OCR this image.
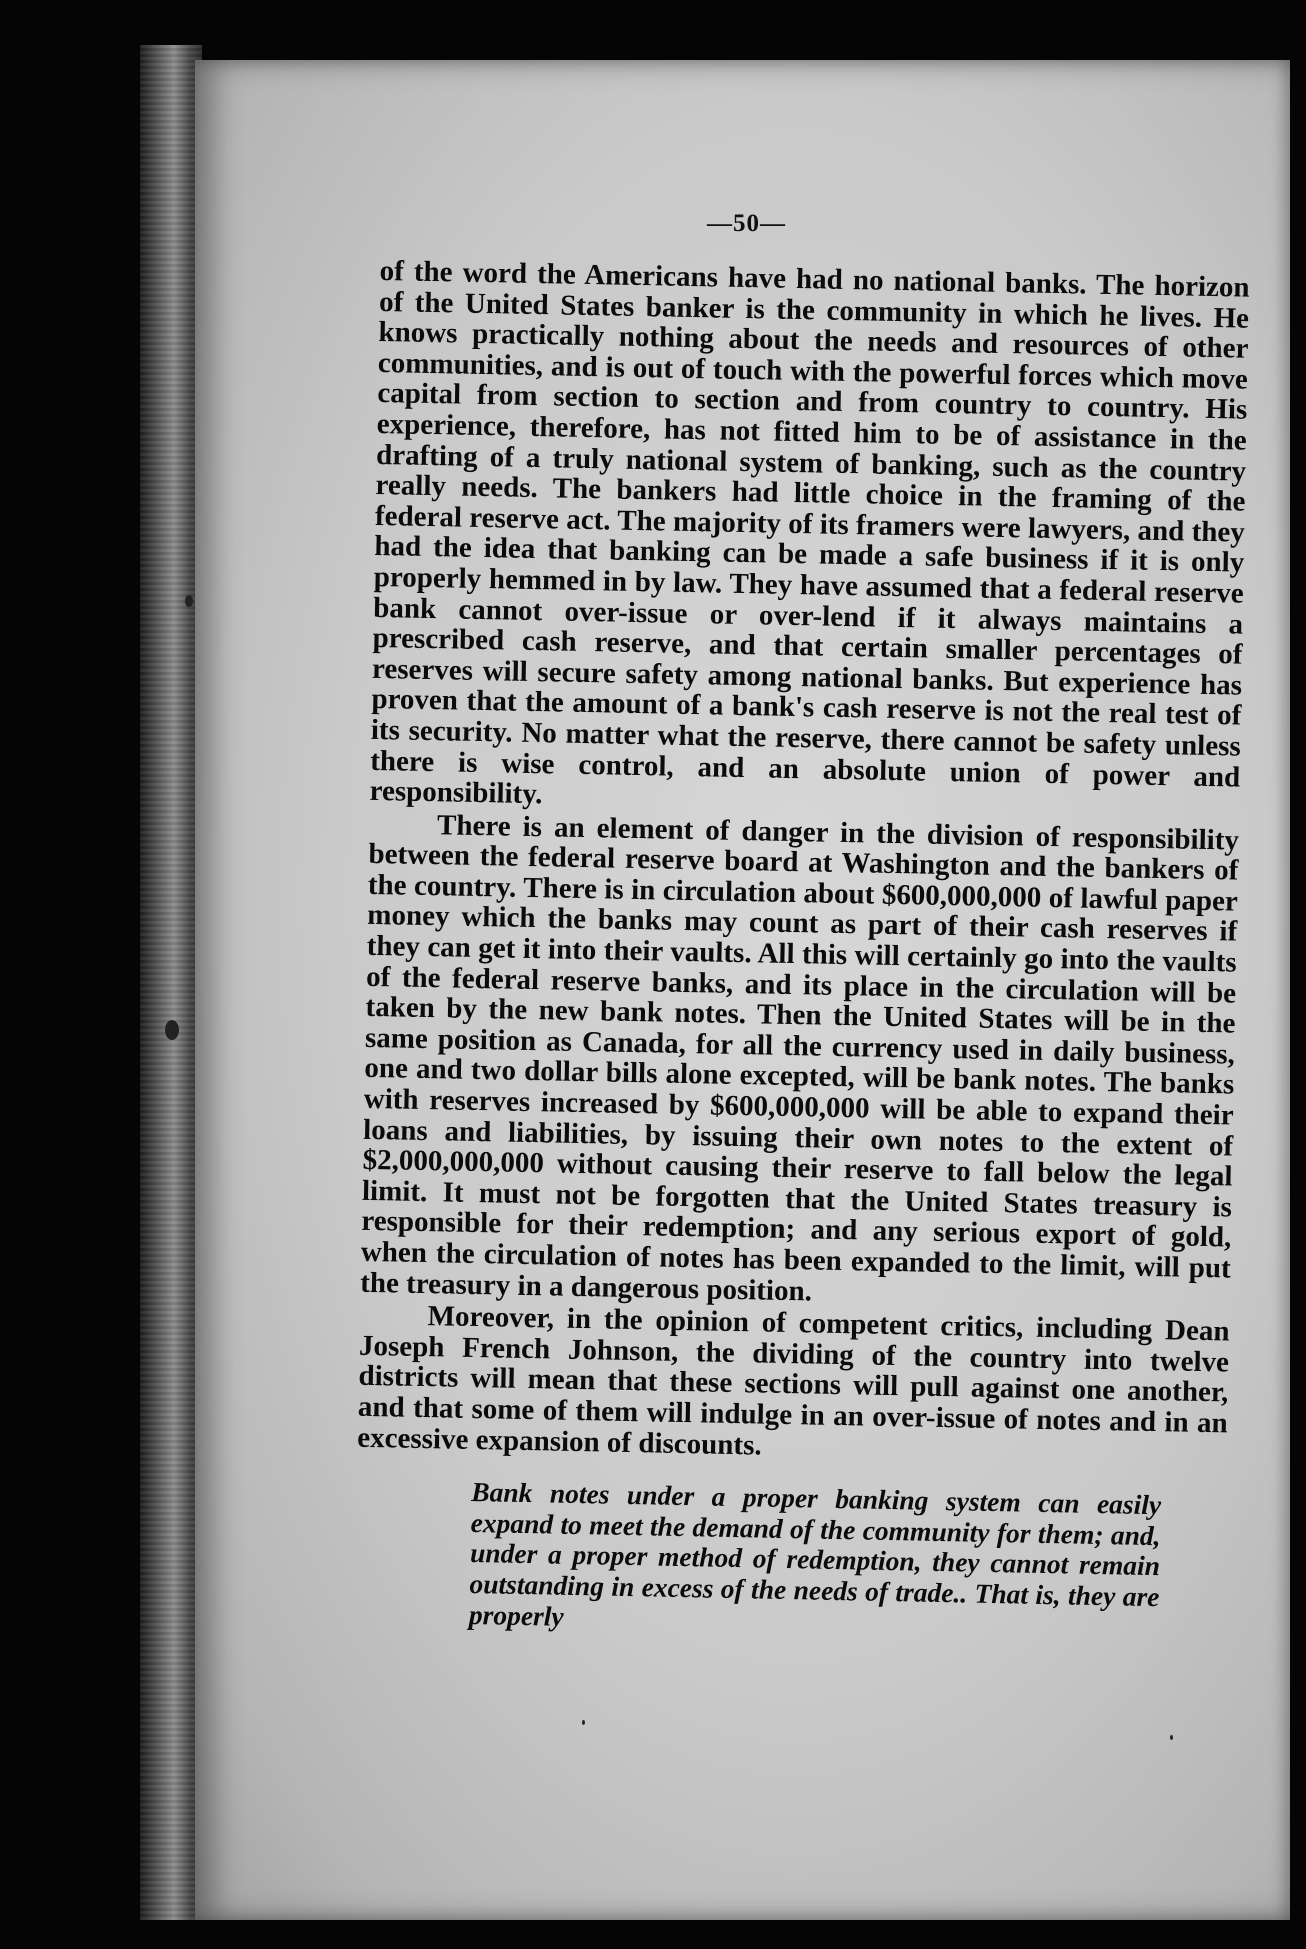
—50—

of the word the Americans have had no national banks. The horizon of the United States banker is the community in which he lives. He knows practically nothing about the needs and resources of other communities, and is out of touch with the powerful forces which move capital from section to section and from country to country. His experience, therefore, has not fitted him to be of assistance in the drafting of a truly national system of banking, such as the country really needs. The bankers had little choice in the framing of the federal reserve act. The majority of its framers were lawyers, and they had the idea that banking can be made a safe business if it is only properly hemmed in by law. They have assumed that a federal reserve bank cannot over-issue or over-lend if it always maintains a prescribed cash reserve, and that certain smaller percentages of reserves will secure safety among national banks. But experience has proven that the amount of a bank's cash reserve is not the real test of its security. No matter what the reserve, there cannot be safety unless there is wise control, and an absolute union of power and responsibility.

There is an element of danger in the division of responsibility between the federal reserve board at Washington and the bankers of the country. There is in circulation about $600,000,000 of lawful paper money which the banks may count as part of their cash reserves if they can get it into their vaults. All this will certainly go into the vaults of the federal reserve banks, and its place in the circulation will be taken by the new bank notes. Then the United States will be in the same position as Canada, for all the currency used in daily business, one and two dollar bills alone excepted, will be bank notes. The banks with reserves increased by $600,000,000 will be able to expand their loans and liabilities, by issuing their own notes to the extent of $2,000,000,000 without causing their reserve to fall below the legal limit. It must not be forgotten that the United States treasury is responsible for their redemption; and any serious export of gold, when the circulation of notes has been expanded to the limit, will put the treasury in a dangerous position.

Moreover, in the opinion of competent critics, including Dean Joseph French Johnson, the dividing of the country into twelve districts will mean that these sections will pull against one another, and that some of them will indulge in an over-issue of notes and in an excessive expansion of discounts.

Bank notes under a proper banking system can easily expand to meet the demand of the community for them; and, under a proper method of redemption, they cannot remain outstanding in excess of the needs of trade.. That is, they are properly
